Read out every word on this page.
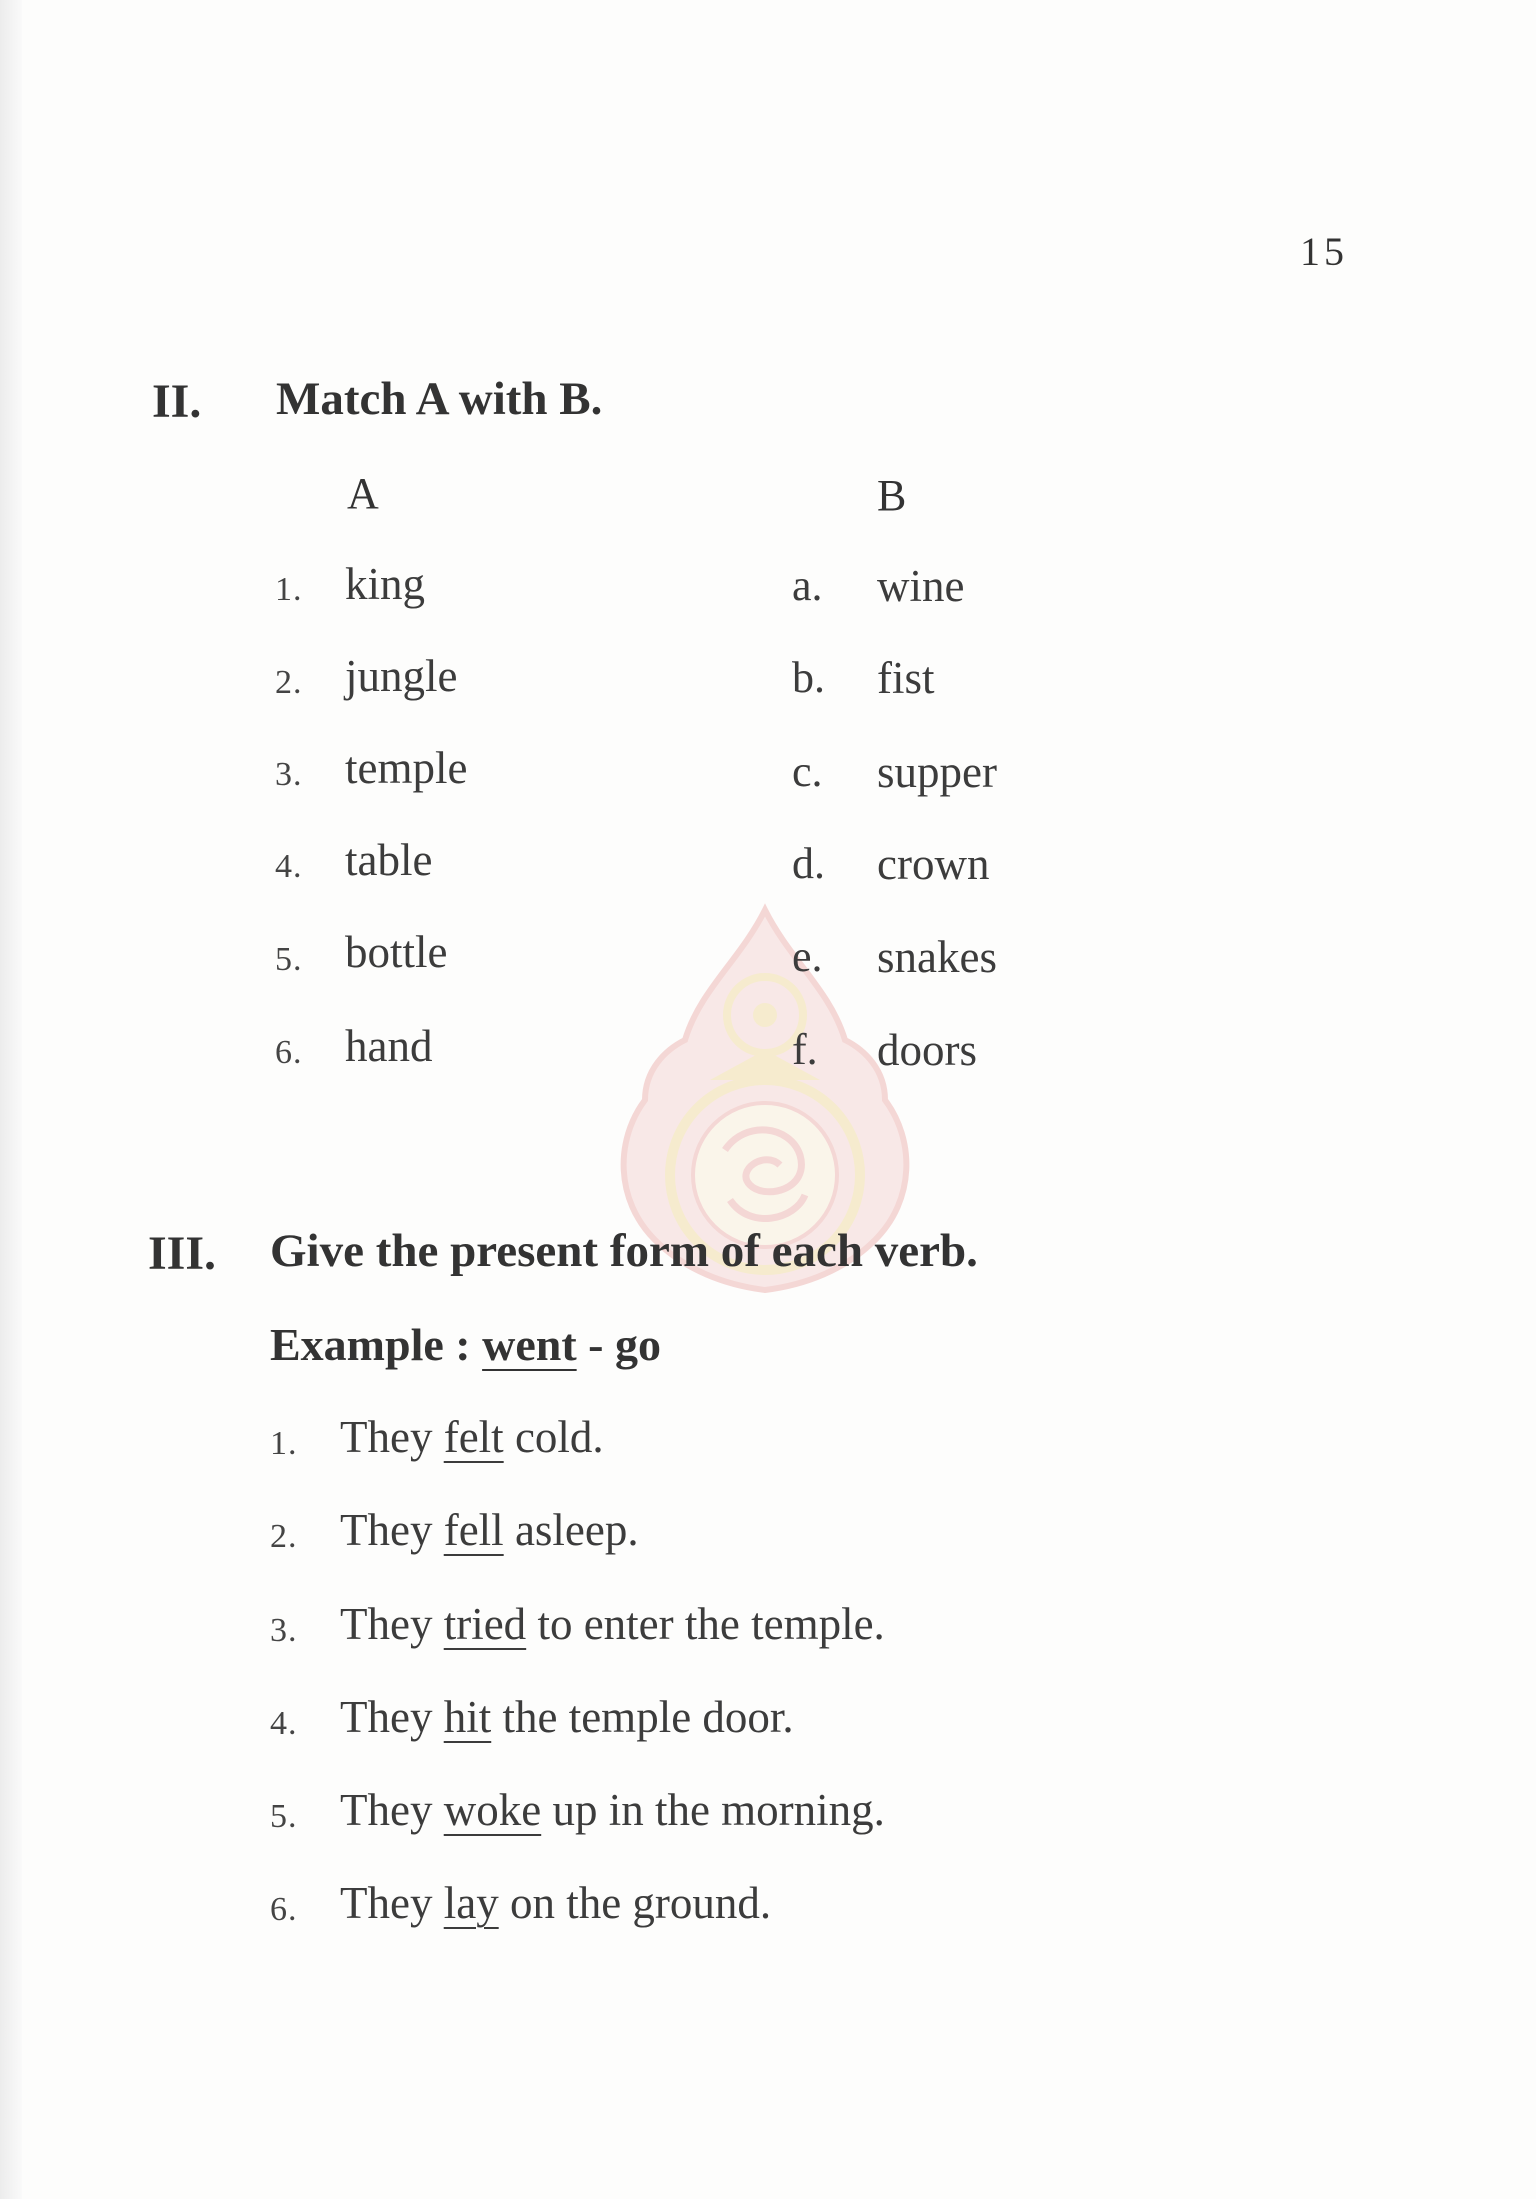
15
II. Match A with B.
A	B
1. king
2. jungle
3. temple
4. table
5. bottle
6. hand
a. wine
b. fist
c. supper
d. crown
e. snakes
f. doors
III. Give the present form of each verb.
Example : went - go
1. They felt cold.
2. They fell asleep.
3. They tried to enter the temple.
4. They hit the temple door.
5. They woke up in the morning.
6. They lay on the ground.
